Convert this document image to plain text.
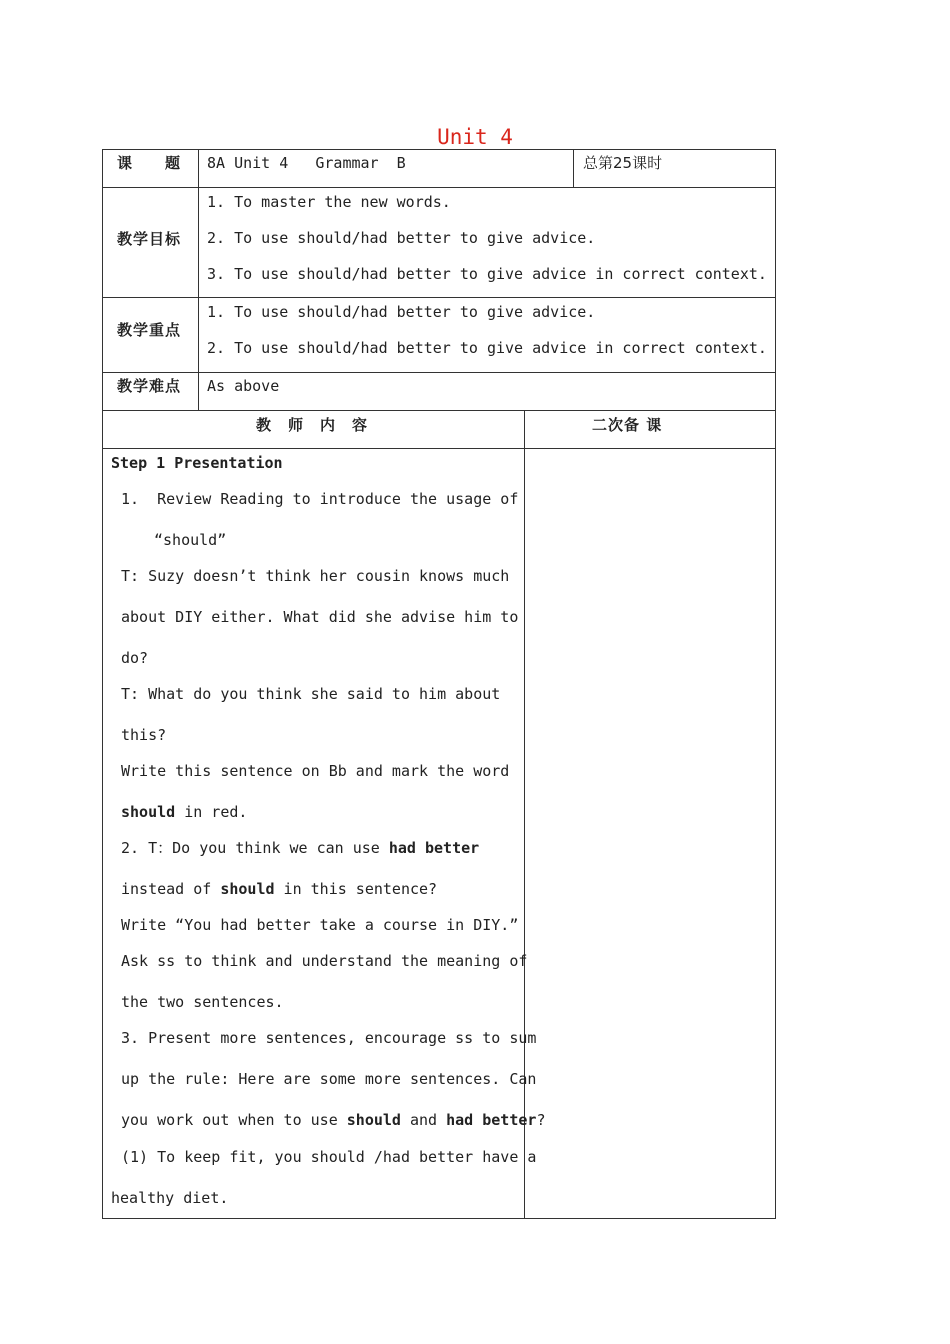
Unit 4
课　　题 8A Unit 4   Grammar  B	总第25课时
教学目标
1. To master the new words.
2. To use should/had better to give advice.
3. To use should/had better to give advice in correct context.
教学重点
1. To use should/had better to give advice.
2. To use should/had better to give advice in correct context.
教学难点 As above
教　师　内　容	二次备 课
Step 1 Presentation
1.  Review Reading to introduce the usage of
“should”
T: Suzy doesn’t think her cousin knows much
about DIY either. What did she advise him to
do?
T: What do you think she said to him about
this?
Write this sentence on Bb and mark the word
should in red.
2. T：Do you think we can use had better
instead of should in this sentence?
Write “You had better take a course in DIY.”
Ask ss to think and understand the meaning of
the two sentences.
3. Present more sentences, encourage ss to sum
up the rule: Here are some more sentences. Can
you work out when to use should and had better?
(1) To keep fit, you should /had better have a
healthy diet.
